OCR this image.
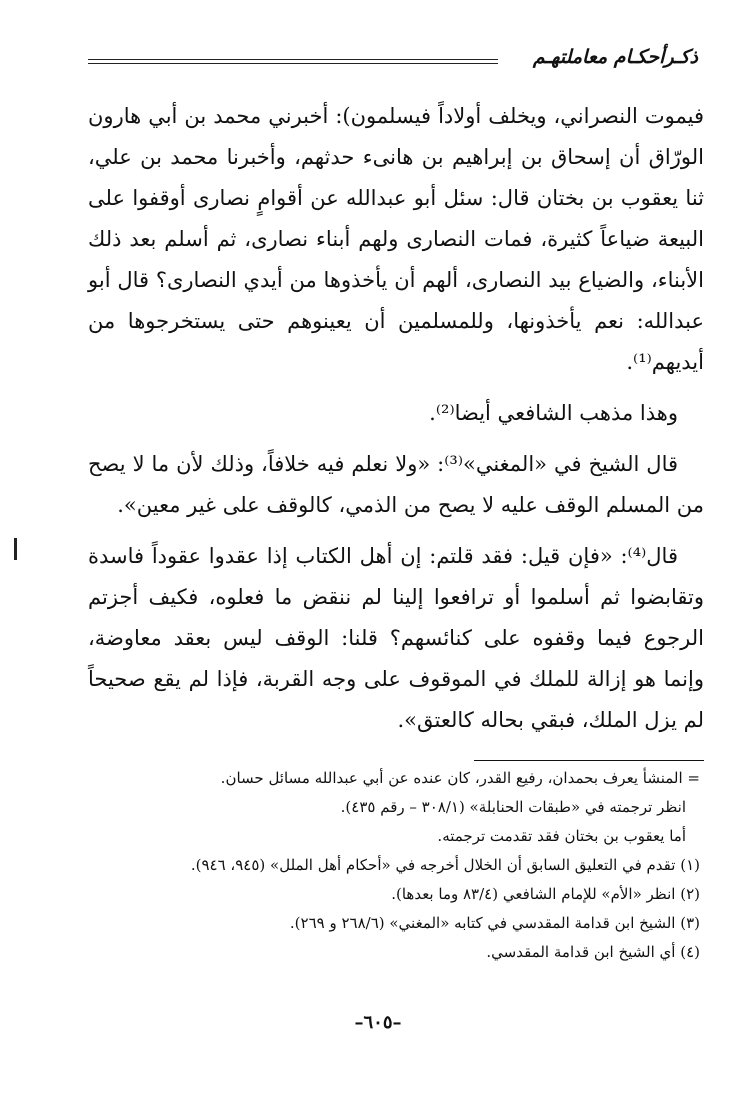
ذكـرأحكـام معاملتهـم

فيموت النصراني، ويخلف أولاداً فيسلمون): أخبرني محمد بن أبي هارون الورّاق أن إسحاق بن إبراهيم بن هانىء حدثهم، وأخبرنا محمد بن علي، ثنا يعقوب بن بختان قال: سئل أبو عبدالله عن أقوامٍ نصارى أوقفوا على البيعة ضياعاً كثيرة، فمات النصارى ولهم أبناء نصارى، ثم أسلم بعد ذلك الأبناء، والضياع بيد النصارى، ألهم أن يأخذوها من أيدي النصارى؟ قال أبو عبدالله: نعم يأخذونها، وللمسلمين أن يعينوهم حتى يستخرجوها من أيديهم⁽¹⁾.

وهذا مذهب الشافعي أيضا⁽²⁾.

قال الشيخ في «المغني»⁽³⁾: «ولا نعلم فيه خلافاً، وذلك لأن ما لا يصح من المسلم الوقف عليه لا يصح من الذمي، كالوقف على غير معين».

قال⁽⁴⁾: «فإن قيل: فقد قلتم: إن أهل الكتاب إذا عقدوا عقوداً فاسدة وتقابضوا ثم أسلموا أو ترافعوا إلينا لم ننقض ما فعلوه، فكيف أجزتم الرجوع فيما وقفوه على كنائسهم؟ قلنا: الوقف ليس بعقد معاوضة، وإنما هو إزالة للملك في الموقوف على وجه القربة، فإذا لم يقع صحيحاً لم يزل الملك، فبقي بحاله كالعتق».

= المنشأ يعرف بحمدان، رفيع القدر، كان عنده عن أبي عبدالله مسائل حسان.

انظر ترجمته في «طبقات الحنابلة» (٣٠٨/١ – رقم ٤٣٥).

أما يعقوب بن بختان فقد تقدمت ترجمته.

(١) تقدم في التعليق السابق أن الخلال أخرجه في «أحكام أهل الملل» (٩٤٥، ٩٤٦).

(٢) انظر «الأم» للإمام الشافعي (٨٣/٤ وما بعدها).

(٣) الشيخ ابن قدامة المقدسي في كتابه «المغني» (٢٦٨/٦ و ٢٦٩).

(٤) أي الشيخ ابن قدامة المقدسي.

–٦٠٥–
